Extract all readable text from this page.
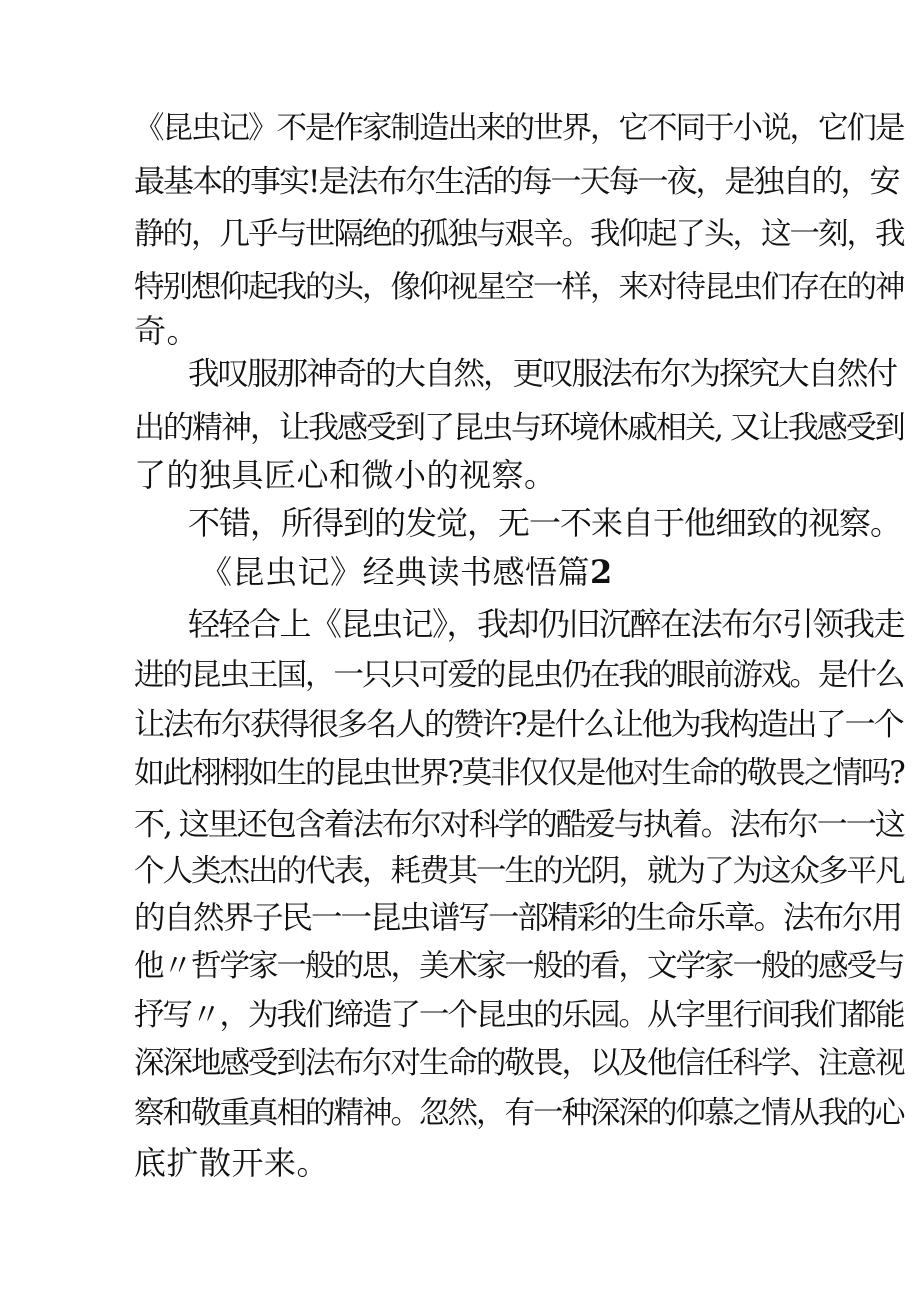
《昆虫记》不是作家制造出来的世界，它不同于小说，它们是
最基本的事实!是法布尔生活的每一天每一夜，是独自的，安
静的，几乎与世隔绝的孤独与艰辛。我仰起了头，这一刻，我
特别想仰起我的头，像仰视星空一样，来对待昆虫们存在的神
奇。
我叹服那神奇的大自然，更叹服法布尔为探究大自然付
出的精神，让我感受到了昆虫与环境休戚相关, 又让我感受到
了的独具匠心和微小的视察。
不错，所得到的发觉，无一不来自于他细致的视察。
《昆虫记》经典读书感悟篇2
轻轻合上《昆虫记》，我却仍旧沉醉在法布尔引领我走
进的昆虫王国，一只只可爱的昆虫仍在我的眼前游戏。是什么
让法布尔获得很多名人的赞许?是什么让他为我构造出了一个
如此栩栩如生的昆虫世界?莫非仅仅是他对生命的敬畏之情吗?
不, 这里还包含着法布尔对科学的酷爱与执着。法布尔一一这
个人类杰出的代表，耗费其一生的光阴，就为了为这众多平凡
的自然界子民一一昆虫谱写一部精彩的生命乐章。法布尔用
他〃哲学家一般的思，美术家一般的看，文学家一般的感受与
抒写〃，为我们缔造了一个昆虫的乐园。从字里行间我们都能
深深地感受到法布尔对生命的敬畏，以及他信任科学、注意视
察和敬重真相的精神。忽然，有一种深深的仰慕之情从我的心
底扩散开来。
